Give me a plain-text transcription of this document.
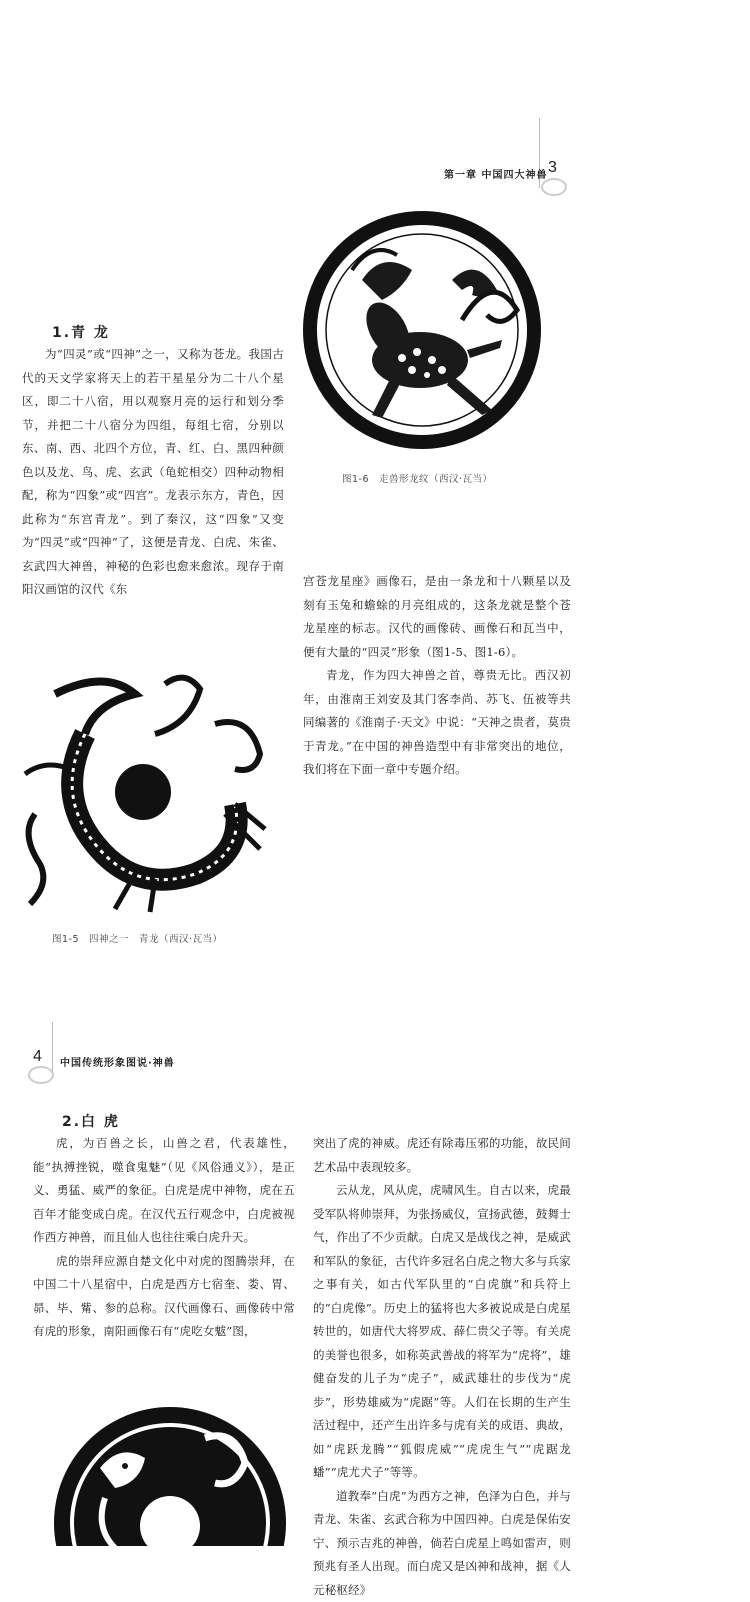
第一章 中国四大神兽 3
图1-6　走兽形龙纹（西汉·瓦当）
1.青 龙

为“四灵”或“四神”之一，又称为苍龙。我国古代的天文学家将天上的若干星星分为二十八个星区，即二十八宿，用以观察月亮的运行和划分季节，并把二十八宿分为四组，每组七宿，分别以东、南、西、北四个方位，青、红、白、黑四种颜色以及龙、鸟、虎、玄武（龟蛇相交）四种动物相配，称为“四象”或“四宫”。龙表示东方，青色，因此称为“东宫青龙”。到了秦汉，这“四象”又变为“四灵”或“四神”了，这便是青龙、白虎、朱雀、玄武四大神兽，神秘的色彩也愈来愈浓。现存于南阳汉画馆的汉代《东

宫苍龙星座》画像石，是由一条龙和十八颗星以及刻有玉兔和蟾蜍的月亮组成的，这条龙就是整个苍龙星座的标志。汉代的画像砖、画像石和瓦当中，便有大量的“四灵”形象（图1-5、图1-6）。

青龙，作为四大神兽之首，尊贵无比。西汉初年，由淮南王刘安及其门客李尚、苏飞、伍被等共同编著的《淮南子·天文》中说：“天神之贵者，莫贵于青龙。”在中国的神兽造型中有非常突出的地位，我们将在下面一章中专题介绍。

图1-5　四神之一　青龙（西汉·瓦当）
4 中国传统形象图说·神兽
2.白 虎

虎，为百兽之长，山兽之君，代表雄性，能“执搏挫锐，噬食鬼魅”（见《风俗通义》），是正义、勇猛、威严的象征。白虎是虎中神物，虎在五百年才能变成白虎。在汉代五行观念中，白虎被视作西方神兽，而且仙人也往往乘白虎升天。

虎的崇拜应源自楚文化中对虎的图腾崇拜，在中国二十八星宿中，白虎是西方七宿奎、娄、胃、昴、毕、觜、参的总称。汉代画像石、画像砖中常有虎的形象，南阳画像石有“虎吃女魃”图，

突出了虎的神威。虎还有除毒压邪的功能，故民间艺术品中表现较多。

云从龙，风从虎，虎啸风生。自古以来，虎最受军队将帅崇拜，为张扬威仪，宣扬武德，鼓舞士气，作出了不少贡献。白虎又是战伐之神，是威武和军队的象征，古代许多冠名白虎之物大多与兵家之事有关，如古代军队里的“白虎旗”和兵符上的“白虎像”。历史上的猛将也大多被说成是白虎星转世的，如唐代大将罗成、薛仁贵父子等。有关虎的美誉也很多，如称英武善战的将军为“虎将”，雄健奋发的儿子为“虎子”，威武雄壮的步伐为“虎步”，形势雄威为“虎踞”等。人们在长期的生产生活过程中，还产生出许多与虎有关的成语、典故，如“虎跃龙腾”“狐假虎威”“虎虎生气”“虎踞龙蟠”“虎尤犬子”等等。

道教奉“白虎”为西方之神，色泽为白色，并与青龙、朱雀、玄武合称为中国四神。白虎是保佑安宁、预示吉兆的神兽，倘若白虎星上鸣如雷声，则预兆有圣人出现。而白虎又是凶神和战神，据《人元秘枢经》
